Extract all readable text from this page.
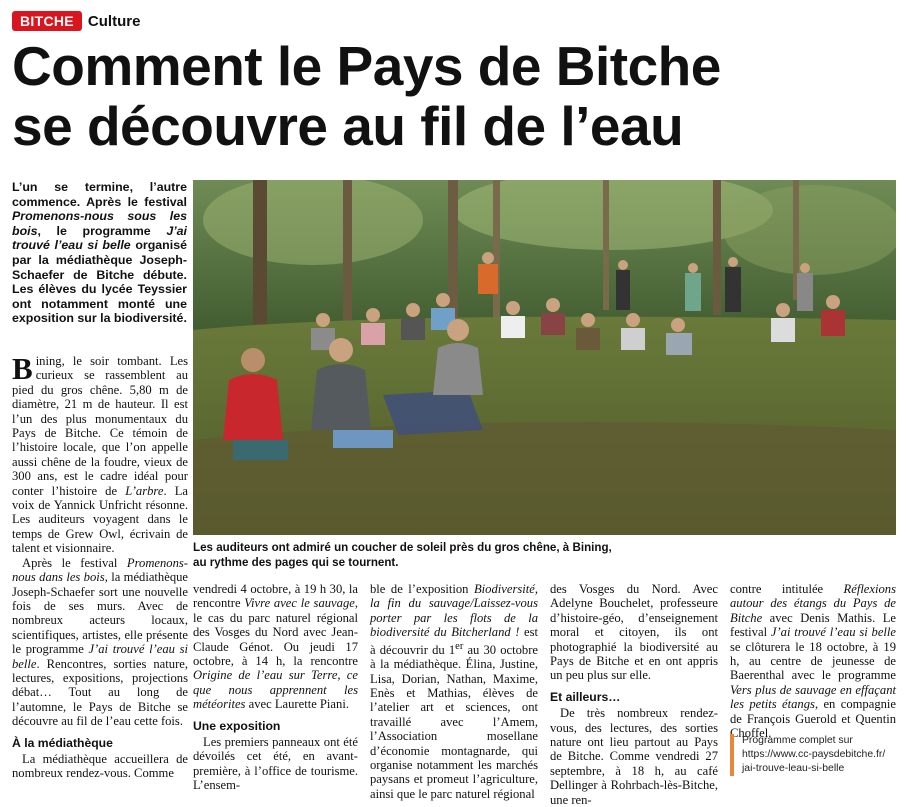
BITCHE Culture
Comment le Pays de Bitche
se découvre au fil de l’eau
L’un se termine, l’autre commence. Après le festival Promenons-nous sous les bois, le programme J’ai trouvé l’eau si belle organisé par la médiathèque Joseph-Schaefer de Bitche débute. Les élèves du lycée Teyssier ont notamment monté une exposition sur la biodiversité.

Bining, le soir tombant. Les curieux se rassemblent au pied du gros chêne. 5,80 m de diamètre, 21 m de hauteur. Il est l’un des plus monumentaux du Pays de Bitche. Ce témoin de l’histoire locale, que l’on appelle aussi chêne de la foudre, vieux de 300 ans, est le cadre idéal pour conter l’histoire de L’arbre. La voix de Yannick Unfricht résonne. Les auditeurs voyagent dans le temps de Grew Owl, écrivain de talent et visionnaire.

Après le festival Promenons-nous dans les bois, la médiathèque Joseph-Schaefer sort une nouvelle fois de ses murs. Avec de nombreux acteurs locaux, scientifiques, artistes, elle présente le programme J’ai trouvé l’eau si belle. Rencontres, sorties nature, lectures, expositions, projections débat… Tout au long de l’automne, le Pays de Bitche se découvre au fil de l’eau cette fois.

À la médiathèque

La médiathèque accueillera de nombreux rendez-vous. Comme

Les auditeurs ont admiré un coucher de soleil près du gros chêne, à Bining,
au rythme des pages qui se tournent.

vendredi 4 octobre, à 19 h 30, la rencontre Vivre avec le sauvage, le cas du parc naturel régional des Vosges du Nord avec Jean-Claude Génot. Ou jeudi 17 octobre, à 14 h, la rencontre Origine de l’eau sur Terre, ce que nous apprennent les météorites avec Laurette Piani.

Une exposition

Les premiers panneaux ont été dévoilés cet été, en avant-première, à l’office de tourisme. L’ensem-

ble de l’exposition Biodiversité, la fin du sauvage/Laissez-vous porter par les flots de la biodiversité du Bitcherland ! est à découvrir du 1er au 30 octobre à la médiathèque. Élina, Justine, Lisa, Dorian, Nathan, Maxime, Enès et Mathias, élèves de l’atelier art et sciences, ont travaillé avec l’Amem, l’Association mosellane d’économie montagnarde, qui organise notamment les marchés paysans et promeut l’agriculture, ainsi que le parc naturel régional

des Vosges du Nord. Avec Adelyne Bouchelet, professeure d’histoire-géo, d’enseignement moral et citoyen, ils ont photographié la biodiversité au Pays de Bitche et en ont appris un peu plus sur elle.

Et ailleurs…

De très nombreux rendez-vous, des lectures, des sorties nature ont lieu partout au Pays de Bitche. Comme vendredi 27 septembre, à 18 h, au café Dellinger à Rohrbach-lès-Bitche, une ren-

contre intitulée Réflexions autour des étangs du Pays de Bitche avec Denis Mathis. Le festival J’ai trouvé l’eau si belle se clôturera le 18 octobre, à 19 h, au centre de jeunesse de Baerenthal avec le programme Vers plus de sauvage en effaçant les petits étangs, en compagnie de François Guerold et Quentin Choffel.

Programme complet sur
https://www.cc-paysdebitche.fr/
jai-trouve-leau-si-belle
